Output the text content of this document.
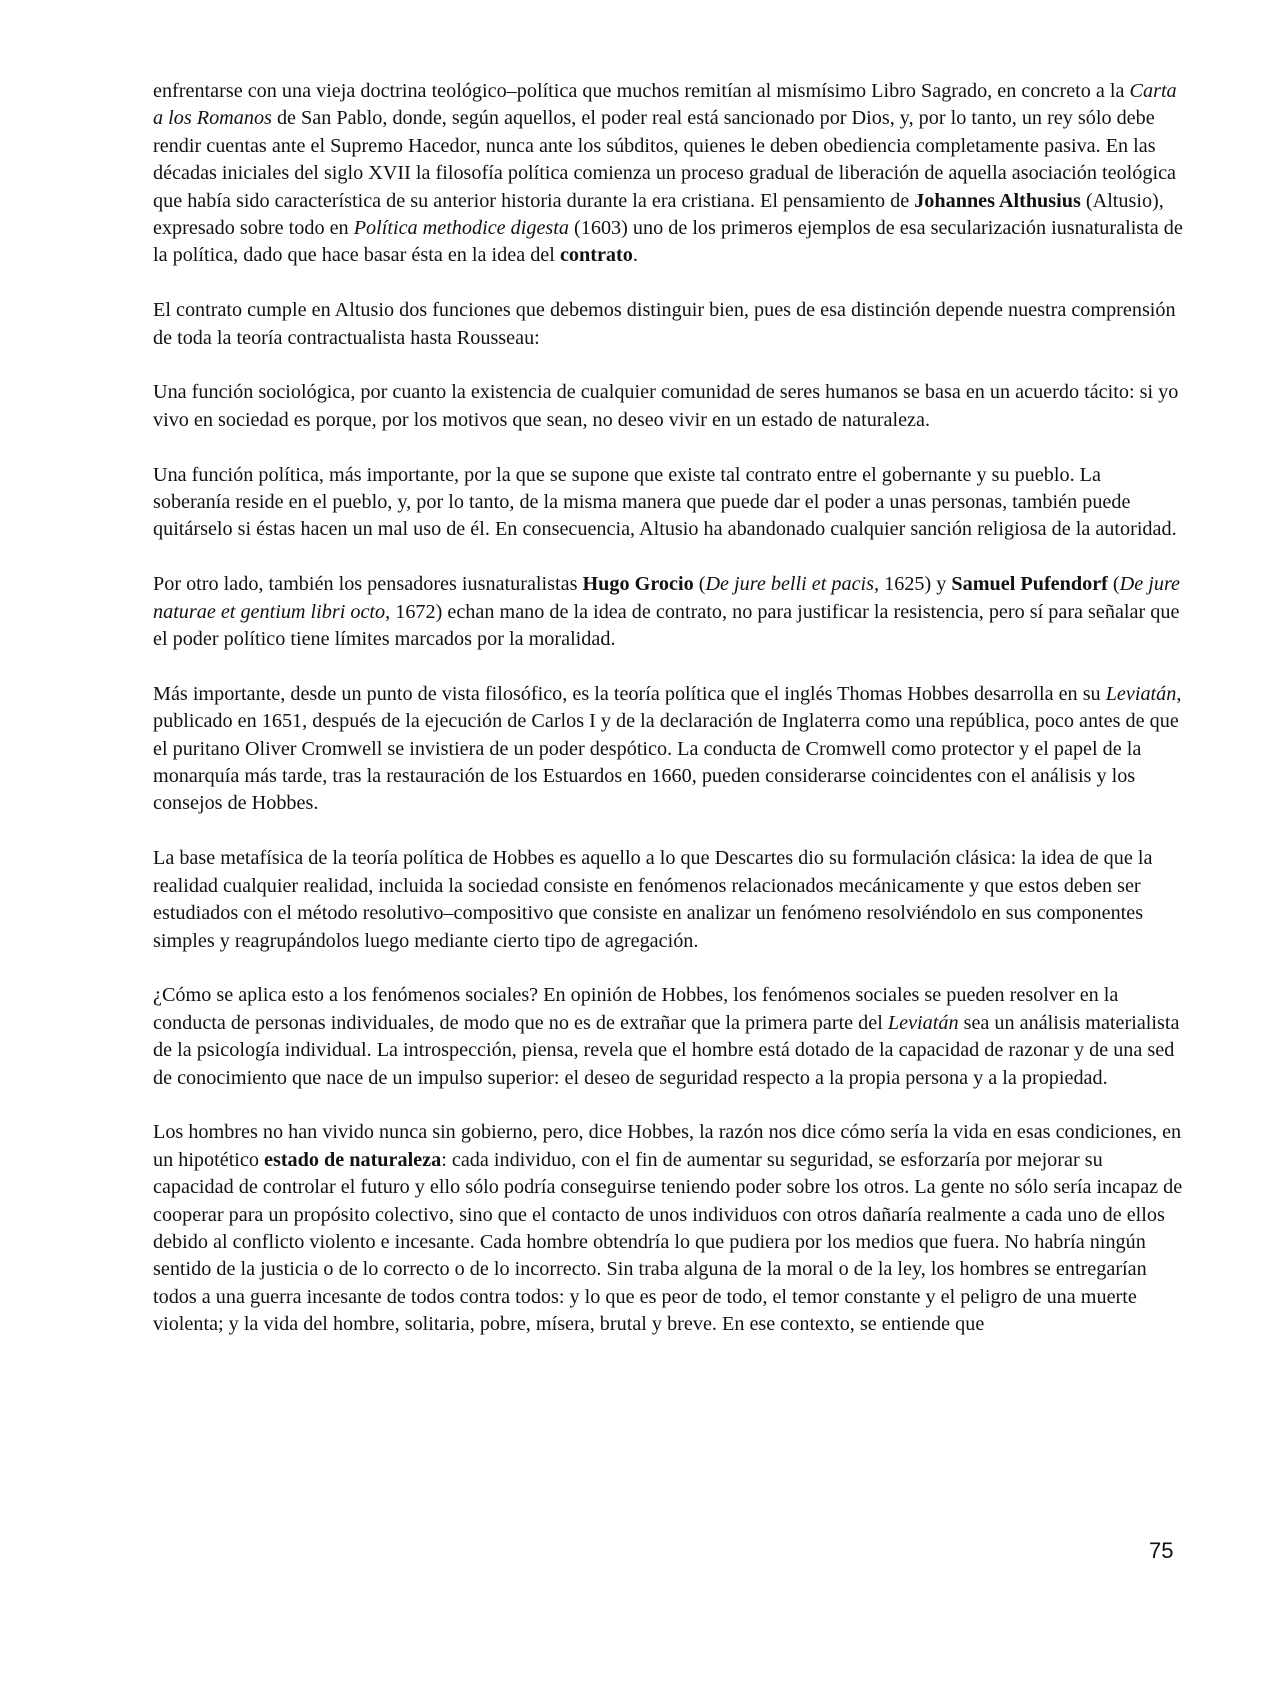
enfrentarse con una vieja doctrina teológico–política que muchos remitían al mismísimo Libro Sagrado, en concreto a la Carta a los Romanos de San Pablo, donde, según aquellos, el poder real está sancionado por Dios, y, por lo tanto, un rey sólo debe rendir cuentas ante el Supremo Hacedor, nunca ante los súbditos, quienes le deben obediencia completamente pasiva. En las décadas iniciales del siglo XVII la filosofía política comienza un proceso gradual de liberación de aquella asociación teológica que había sido característica de su anterior historia durante la era cristiana. El pensamiento de Johannes Althusius (Altusio), expresado sobre todo en Política methodice digesta (1603) uno de los primeros ejemplos de esa secularización iusnaturalista de la política, dado que hace basar ésta en la idea del contrato.

El contrato cumple en Altusio dos funciones que debemos distinguir bien, pues de esa distinción depende nuestra comprensión de toda la teoría contractualista hasta Rousseau:

Una función sociológica, por cuanto la existencia de cualquier comunidad de seres humanos se basa en un acuerdo tácito: si yo vivo en sociedad es porque, por los motivos que sean, no deseo vivir en un estado de naturaleza.

Una función política, más importante, por la que se supone que existe tal contrato entre el gobernante y su pueblo. La soberanía reside en el pueblo, y, por lo tanto, de la misma manera que puede dar el poder a unas personas, también puede quitárselo si éstas hacen un mal uso de él. En consecuencia, Altusio ha abandonado cualquier sanción religiosa de la autoridad.

Por otro lado, también los pensadores iusnaturalistas Hugo Grocio (De jure belli et pacis, 1625) y Samuel Pufendorf (De jure naturae et gentium libri octo, 1672) echan mano de la idea de contrato, no para justificar la resistencia, pero sí para señalar que el poder político tiene límites marcados por la moralidad.

Más importante, desde un punto de vista filosófico, es la teoría política que el inglés Thomas Hobbes desarrolla en su Leviatán, publicado en 1651, después de la ejecución de Carlos I y de la declaración de Inglaterra como una república, poco antes de que el puritano Oliver Cromwell se invistiera de un poder despótico. La conducta de Cromwell como protector y el papel de la monarquía más tarde, tras la restauración de los Estuardos en 1660, pueden considerarse coincidentes con el análisis y los consejos de Hobbes.

La base metafísica de la teoría política de Hobbes es aquello a lo que Descartes dio su formulación clásica: la idea de que la realidad cualquier realidad, incluida la sociedad consiste en fenómenos relacionados mecánicamente y que estos deben ser estudiados con el método resolutivo–compositivo que consiste en analizar un fenómeno resolviéndolo en sus componentes simples y reagrupándolos luego mediante cierto tipo de agregación.

¿Cómo se aplica esto a los fenómenos sociales? En opinión de Hobbes, los fenómenos sociales se pueden resolver en la conducta de personas individuales, de modo que no es de extrañar que la primera parte del Leviatán sea un análisis materialista de la psicología individual. La introspección, piensa, revela que el hombre está dotado de la capacidad de razonar y de una sed de conocimiento que nace de un impulso superior: el deseo de seguridad respecto a la propia persona y a la propiedad.

Los hombres no han vivido nunca sin gobierno, pero, dice Hobbes, la razón nos dice cómo sería la vida en esas condiciones, en un hipotético estado de naturaleza: cada individuo, con el fin de aumentar su seguridad, se esforzaría por mejorar su capacidad de controlar el futuro y ello sólo podría conseguirse teniendo poder sobre los otros. La gente no sólo sería incapaz de cooperar para un propósito colectivo, sino que el contacto de unos individuos con otros dañaría realmente a cada uno de ellos debido al conflicto violento e incesante. Cada hombre obtendría lo que pudiera por los medios que fuera. No habría ningún sentido de la justicia o de lo correcto o de lo incorrecto. Sin traba alguna de la moral o de la ley, los hombres se entregarían todos a una guerra incesante de todos contra todos: y lo que es peor de todo, el temor constante y el peligro de una muerte violenta; y la vida del hombre, solitaria, pobre, mísera, brutal y breve. En ese contexto, se entiende que

75
